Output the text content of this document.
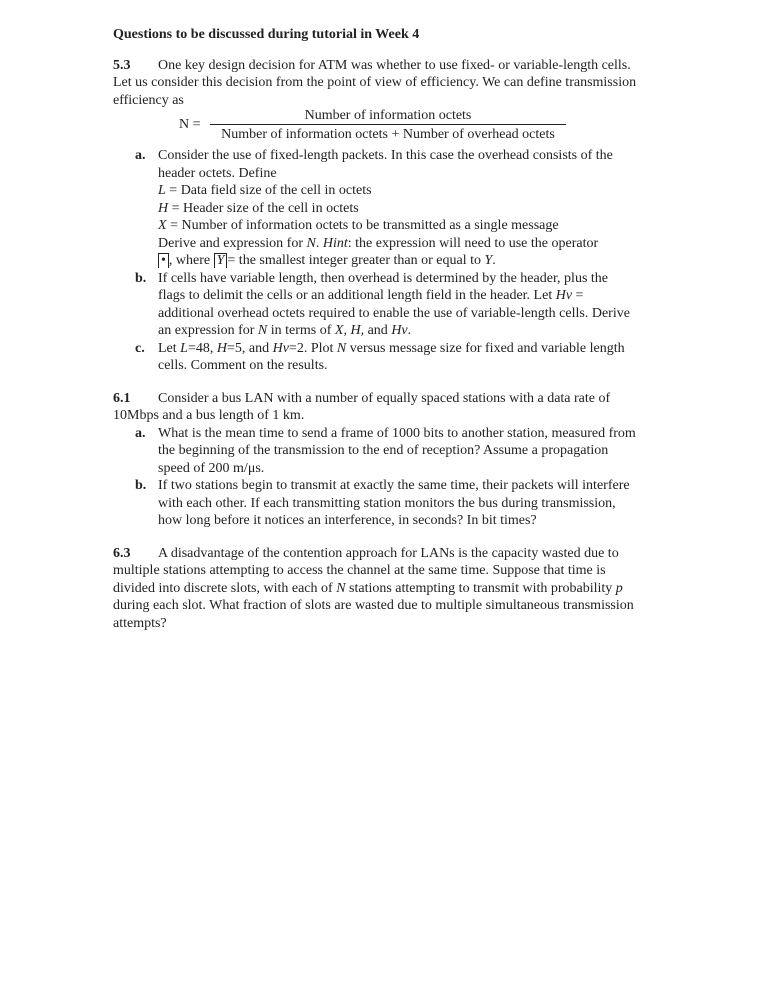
Questions to be discussed during tutorial in Week 4
5.3 One key design decision for ATM was whether to use fixed- or variable-length cells. Let us consider this decision from the point of view of efficiency. We can define transmission efficiency as
N =
Number of information octets
Number of information octets + Number of overhead octets
a. Consider the use of fixed-length packets. In this case the overhead consists of the header octets. Define
L = Data field size of the cell in octets
H = Header size of the cell in octets
X = Number of information octets to be transmitted as a single message
Derive and expression for N. Hint: the expression will need to use the operator
• , where Y = the smallest integer greater than or equal to Y.
b. If cells have variable length, then overhead is determined by the header, plus the flags to delimit the cells or an additional length field in the header. Let Hv = additional overhead octets required to enable the use of variable-length cells. Derive an expression for N in terms of X, H, and Hv.
c. Let L=48, H=5, and Hv=2. Plot N versus message size for fixed and variable length cells. Comment on the results.
6.1 Consider a bus LAN with a number of equally spaced stations with a data rate of 10Mbps and a bus length of 1 km.
a. What is the mean time to send a frame of 1000 bits to another station, measured from the beginning of the transmission to the end of reception? Assume a propagation speed of 200 m/μs.
b. If two stations begin to transmit at exactly the same time, their packets will interfere with each other. If each transmitting station monitors the bus during transmission, how long before it notices an interference, in seconds? In bit times?
6.3 A disadvantage of the contention approach for LANs is the capacity wasted due to multiple stations attempting to access the channel at the same time. Suppose that time is divided into discrete slots, with each of N stations attempting to transmit with probability p during each slot. What fraction of slots are wasted due to multiple simultaneous transmission attempts?
